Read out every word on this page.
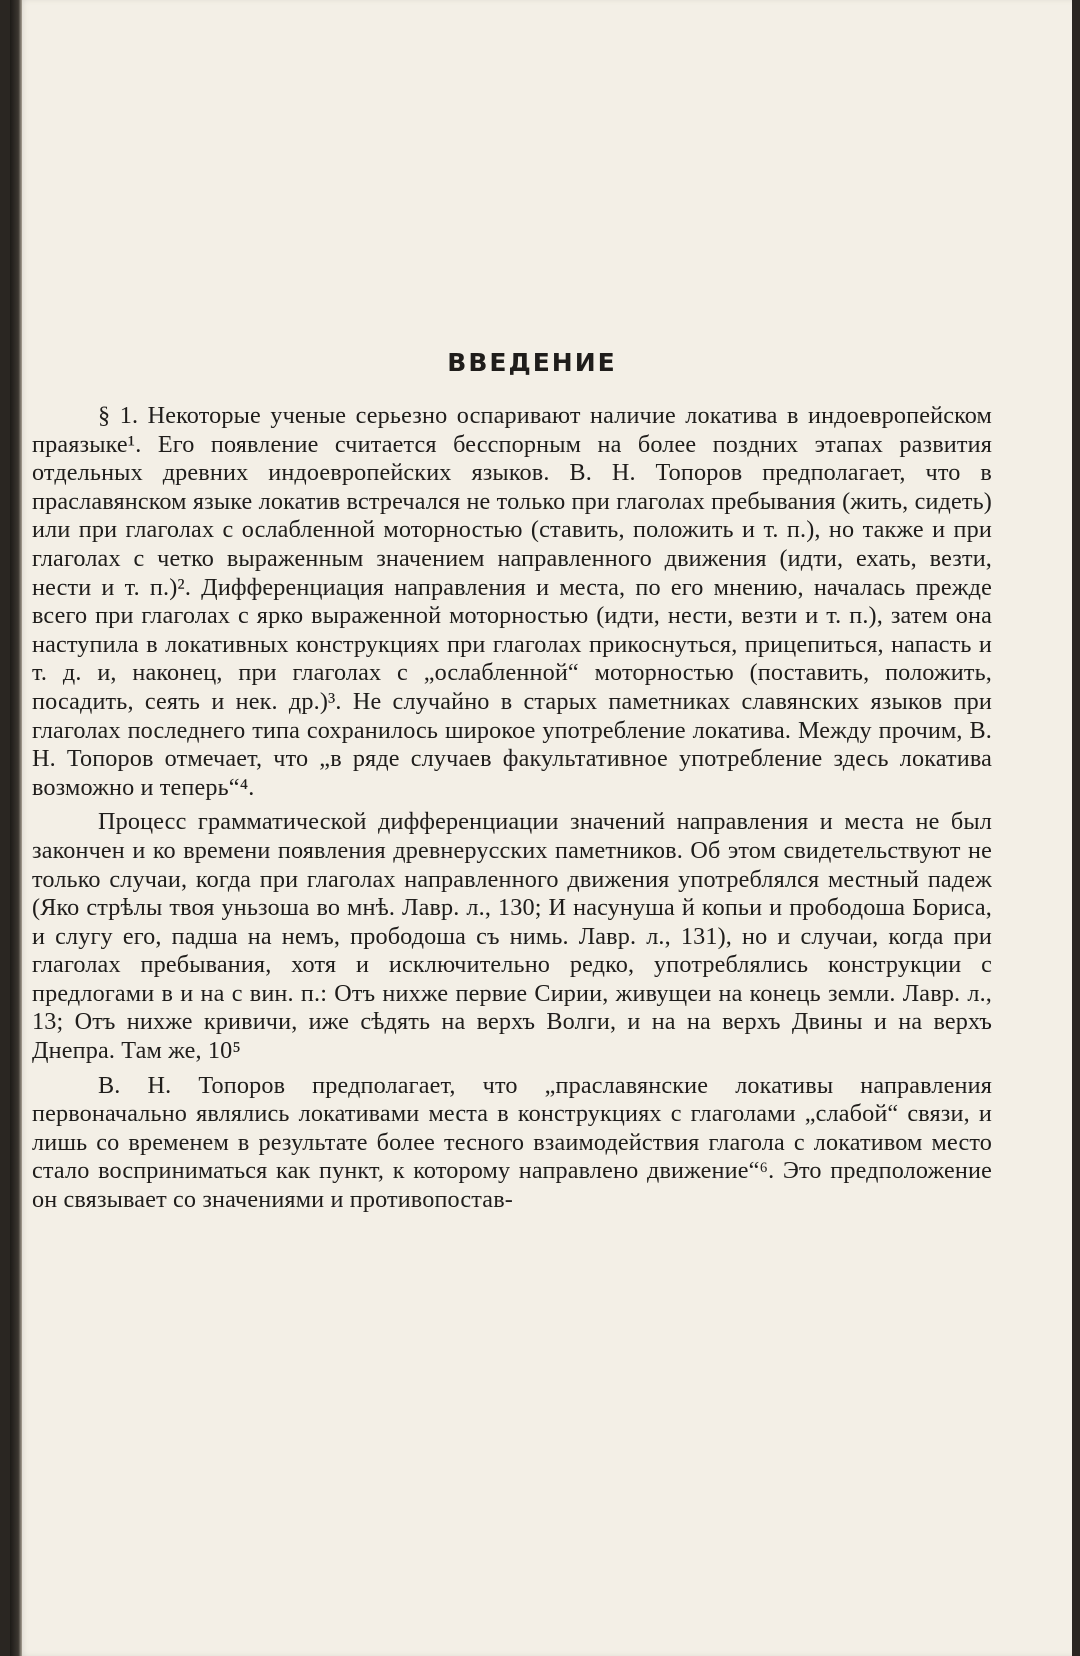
ВВЕДЕНИЕ

§ 1. Некоторые ученые серьезно оспаривают наличие локатива в индоевропейском праязыке¹. Его появление считается бесспорным на более поздних этапах развития отдельных древних индоевропейских языков. В. Н. Топоров предполагает, что в праславянском языке локатив встречался не только при глаголах пребывания (жить, сидеть) или при глаголах с ослабленной моторностью (ставить, положить и т. п.), но также и при глаголах с четко выраженным значением направленного движения (идти, ехать, везти, нести и т. п.)². Дифференциация направления и места, по его мнению, началась прежде всего при глаголах с ярко выраженной моторностью (идти, нести, везти и т. п.), затем она наступила в локативных конструкциях при глаголах прикоснуться, прицепиться, напасть и т. д. и, наконец, при глаголах с „ослабленной“ моторностью (поставить, положить, посадить, сеять и нек. др.)³. Не случайно в старых паметниках славянских языков при глаголах последнего типа сохранилось широкое употребление локатива. Между прочим, В. Н. Топоров отмечает, что „в ряде случаев факультативное употребление здесь локатива возможно и теперь“⁴.

Процесс грамматической дифференциации значений направления и места не был закончен и ко времени появления древнерусских паметников. Об этом свидетельствуют не только случаи, когда при глаголах направленного движения употреблялся местный падеж (Яко стрѣлы твоя уньзоша во мнѣ. Лавр. л., 130; И насунуша й копьи и прободоша Бориса, и слугу его, падша на немъ, прободоша съ нимь. Лавр. л., 131), но и случаи, когда при глаголах пребывания, хотя и исключительно редко, употреблялись конструкции с предлогами в и на с вин. п.: Отъ нихже первие Сирии, живущеи на конець земли. Лавр. л., 13; Отъ нихже кривичи, иже сѣдять на верхъ Волги, и на на верхъ Двины и на верхъ Днепра. Там же, 10⁵

В. Н. Топоров предполагает, что „праславянские локативы направления первоначально являлись локативами места в конструкциях с глаголами „слабой“ связи, и лишь со временем в результате более тесного взаимодействия глагола с локативом место стало восприниматься как пункт, к которому направлено движение“⁶. Это предположение он связывает со значениями и противопостав-
